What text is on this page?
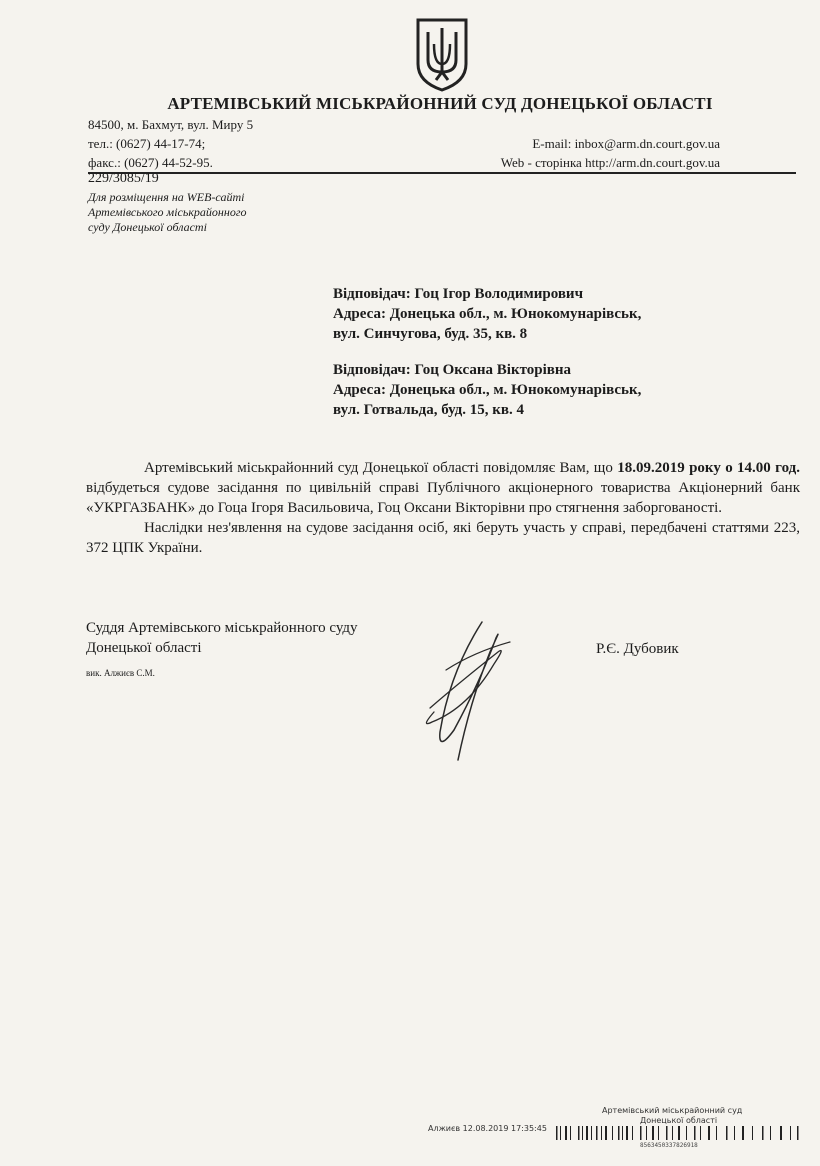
АРТЕМІВСЬКИЙ МІСЬКРАЙОННИЙ СУД ДОНЕЦЬКОЇ ОБЛАСТІ
84500, м. Бахмут, вул. Миру 5
тел.: (0627) 44-17-74;
факс.: (0627) 44-52-95.
E-mail: inbox@arm.dn.court.gov.ua
Web - сторінка http://arm.dn.court.gov.ua
229/3085/19
Для розміщення на WEB-сайті
Артемівського міськрайонного
суду Донецької області
Відповідач: Гоц Ігор Володимирович
Адреса: Донецька обл., м. Юнокомунарівськ,
вул. Синчугова, буд. 35, кв. 8
Відповідач: Гоц Оксана Вікторівна
Адреса: Донецька обл., м. Юнокомунарівськ,
вул. Готвальда, буд. 15, кв. 4

Артемівський міськрайонний суд Донецької області повідомляє Вам, що 18.09.2019 року о 14.00 год. відбудеться судове засідання по цивільній справі Публічного акціонерного товариства Акціонерний банк «УКРГАЗБАНК» до Гоца Ігоря Васильовича, Гоц Оксани Вікторівни про стягнення заборгованості.

Наслідки нез'явлення на судове засідання осіб, які беруть участь у справі, передбачені статтями 223, 372 ЦПК України.

Суддя Артемівського міськрайонного суду
Донецької області
вик. Алжиєв С.М.
Р.Є. Дубовик
Артемівський міськрайонний суд
Донецької області
Алжиєв 12.08.2019 17:35:45
8563450337826918
